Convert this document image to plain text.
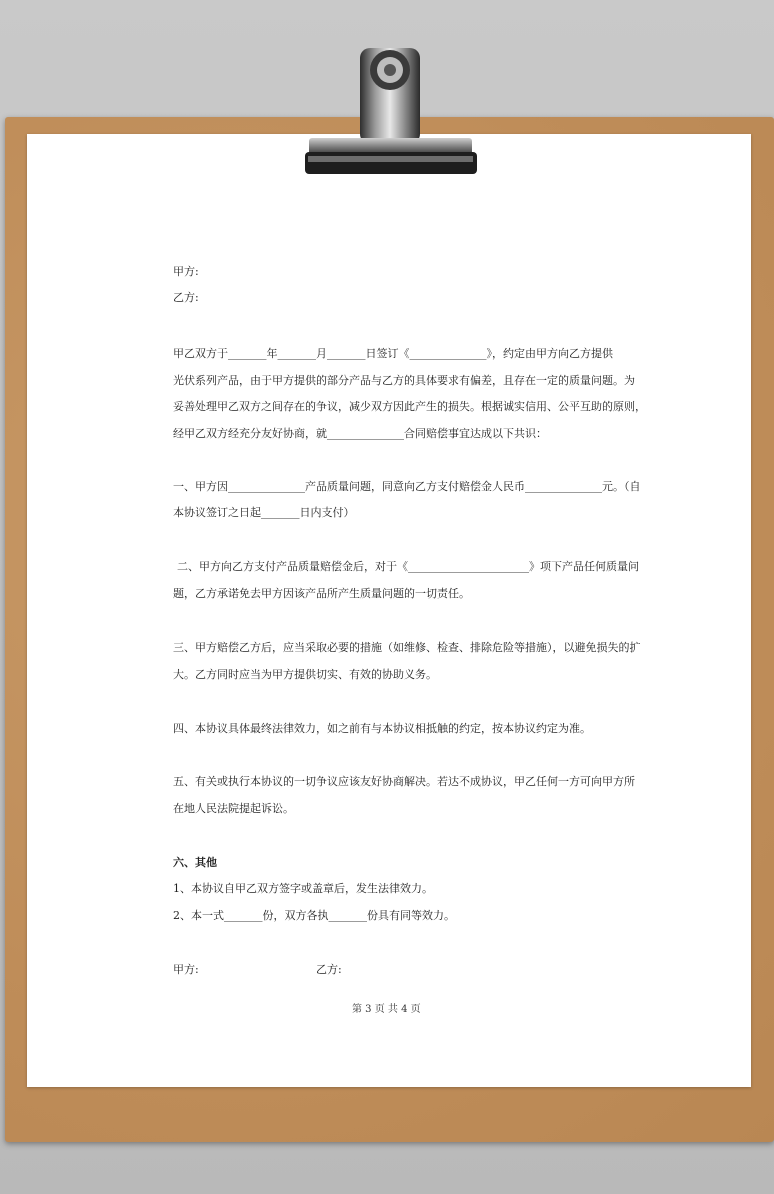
甲方:
乙方:
甲乙双方于_______年_______月_______日签订《______________》，约定由甲方向乙方提供
光伏系列产品，由于甲方提供的部分产品与乙方的具体要求有偏差，且存在一定的质量问题。为
妥善处理甲乙双方之间存在的争议，减少双方因此产生的损失。根据诚实信用、公平互助的原则，
经甲乙双方经充分友好协商，就______________合同赔偿事宜达成以下共识：
一、甲方因______________产品质量问题，同意向乙方支付赔偿金人民币______________元。（自
本协议签订之日起_______日内支付）
二、甲方向乙方支付产品质量赔偿金后，对于《______________________》项下产品任何质量问
题，乙方承诺免去甲方因该产品所产生质量问题的一切责任。
三、甲方赔偿乙方后，应当采取必要的措施（如维修、检查、排除危险等措施），以避免损失的扩
大。乙方同时应当为甲方提供切实、有效的协助义务。
四、本协议具体最终法律效力，如之前有与本协议相抵触的约定，按本协议约定为准。
五、有关或执行本协议的一切争议应该友好协商解决。若达不成协议，甲乙任何一方可向甲方所
在地人民法院提起诉讼。
六、其他
1、本协议自甲乙双方签字或盖章后，发生法律效力。
2、本一式_______份，双方各执_______份具有同等效力。
甲方:	乙方:
第 3 页 共 4 页
